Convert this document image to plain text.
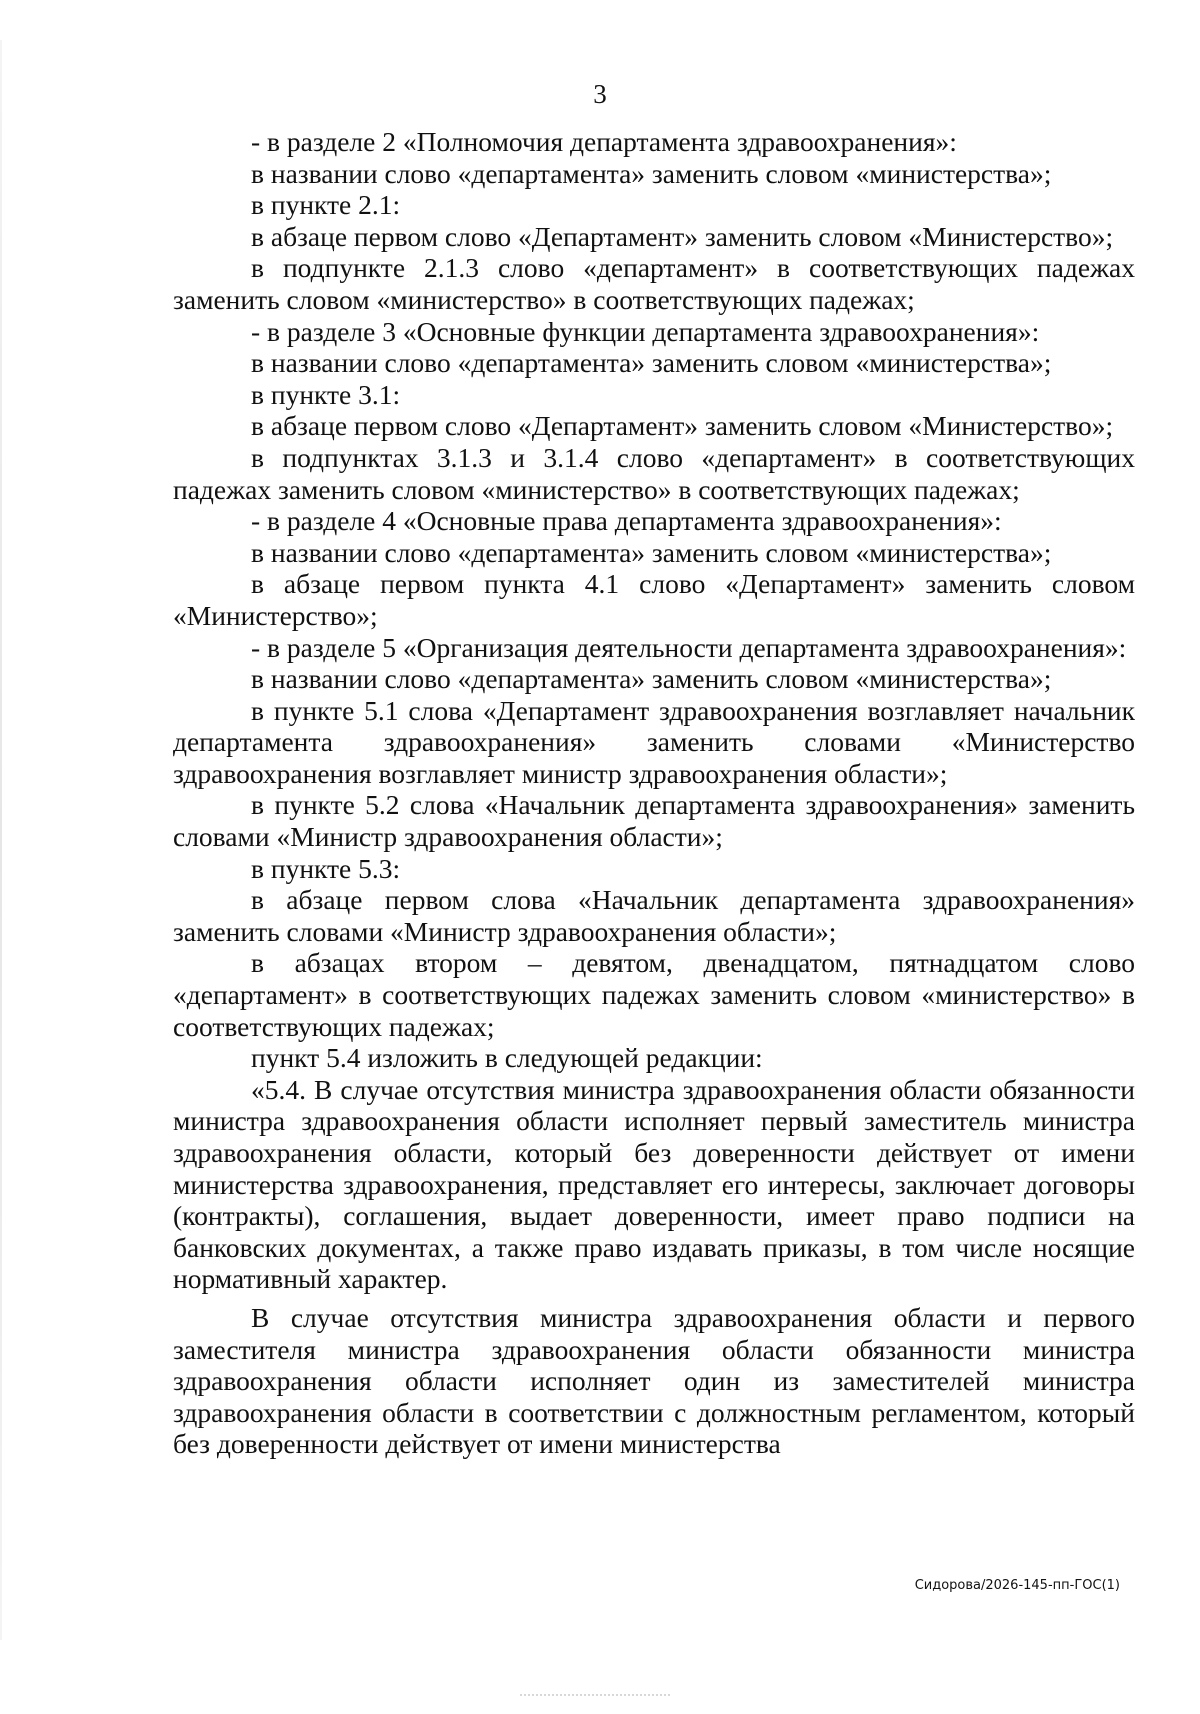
3

- в разделе 2 «Полномочия департамента здравоохранения»:

в названии слово «департамента» заменить словом «министерства»;

в пункте 2.1:

в абзаце первом слово «Департамент» заменить словом «Министерство»;

в подпункте 2.1.3 слово «департамент» в соответствующих падежах заменить словом «министерство» в соответствующих падежах;

- в разделе 3 «Основные функции департамента здравоохранения»:

в названии слово «департамента» заменить словом «министерства»;

в пункте 3.1:

в абзаце первом слово «Департамент» заменить словом «Министерство»;

в подпунктах 3.1.3 и 3.1.4 слово «департамент» в соответствующих падежах заменить словом «министерство» в соответствующих падежах;

- в разделе 4 «Основные права департамента здравоохранения»:

в названии слово «департамента» заменить словом «министерства»;

в абзаце первом пункта 4.1 слово «Департамент» заменить словом «Министерство»;

- в разделе 5 «Организация деятельности департамента здравоохранения»:

в названии слово «департамента» заменить словом «министерства»;

в пункте 5.1 слова «Департамент здравоохранения возглавляет начальник департамента здравоохранения» заменить словами «Министерство здравоохранения возглавляет министр здравоохранения области»;

в пункте 5.2 слова «Начальник департамента здравоохранения» заменить словами «Министр здравоохранения области»;

в пункте 5.3:

в абзаце первом слова «Начальник департамента здравоохранения» заменить словами «Министр здравоохранения области»;

в абзацах втором – девятом, двенадцатом, пятнадцатом слово «департамент» в соответствующих падежах заменить словом «министерство» в соответствующих падежах;

пункт 5.4 изложить в следующей редакции:

«5.4. В случае отсутствия министра здравоохранения области обязанности министра здравоохранения области исполняет первый заместитель министра здравоохранения области, который без доверенности действует от имени министерства здравоохранения, представляет его интересы, заключает договоры (контракты), соглашения, выдает доверенности, имеет право подписи на банковских документах, а также право издавать приказы, в том числе носящие нормативный характер.

В случае отсутствия министра здравоохранения области и первого заместителя министра здравоохранения области обязанности министра здравоохранения области исполняет один из заместителей министра здравоохранения области в соответствии с должностным регламентом, который без доверенности действует от имени министерства

Сидорова/2026-145-пп-ГОС(1)
